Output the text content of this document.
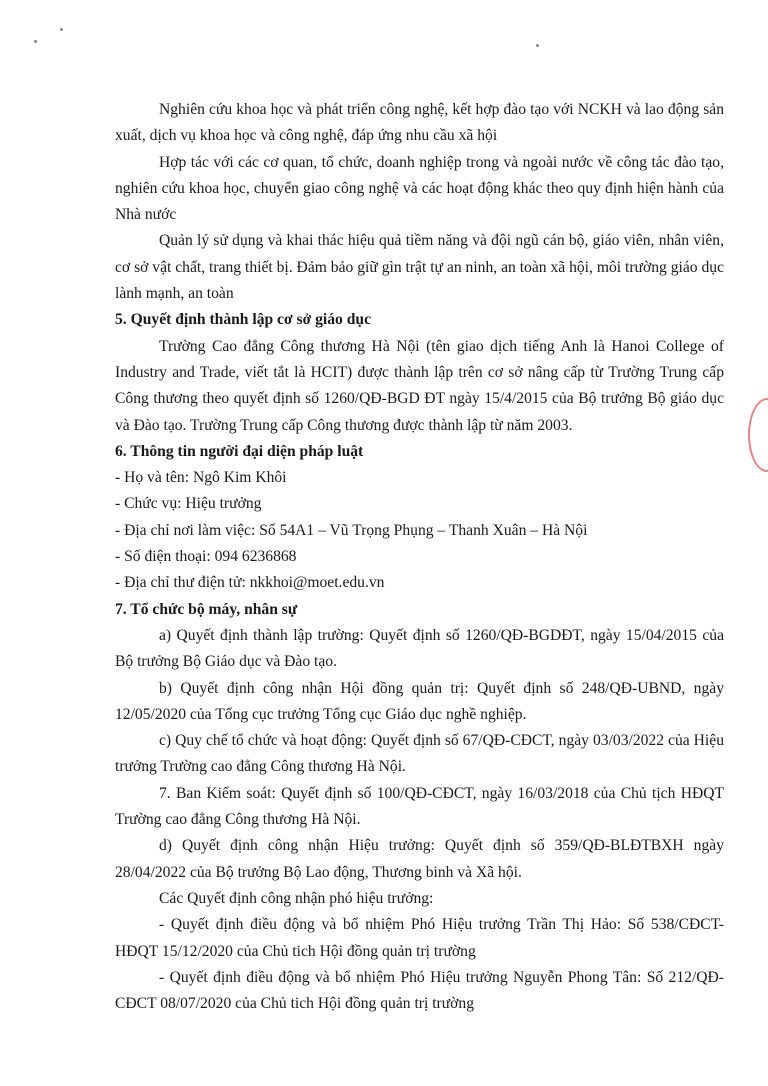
Nghiên cứu khoa học và phát triển công nghệ, kết hợp đào tạo với NCKH và lao động sản xuất, dịch vụ khoa học và công nghệ, đáp ứng nhu cầu xã hội

Hợp tác với các cơ quan, tổ chức, doanh nghiệp trong và ngoài nước về công tác đào tạo, nghiên cứu khoa học, chuyển giao công nghệ và các hoạt động khác theo quy định hiện hành của Nhà nước

Quản lý sử dụng và khai thác hiệu quả tiềm năng và đội ngũ cán bộ, giáo viên, nhân viên, cơ sở vật chất, trang thiết bị. Đảm bảo giữ gìn trật tự an ninh, an toàn xã hội, môi trường giáo dục lành mạnh, an toàn

5. Quyết định thành lập cơ sở giáo dục

Trường Cao đẳng Công thương Hà Nội (tên giao dịch tiếng Anh là Hanoi College of Industry and Trade, viết tắt là HCIT) được thành lập trên cơ sở nâng cấp từ Trường Trung cấp Công thương theo quyết định số 1260/QĐ-BGD ĐT ngày 15/4/2015 của Bộ trưởng Bộ giáo dục và Đào tạo. Trường Trung cấp Công thương được thành lập từ năm 2003.

6. Thông tin người đại diện pháp luật

- Họ và tên: Ngô Kim Khôi

- Chức vụ: Hiệu trưởng

- Địa chỉ nơi làm việc: Số 54A1 – Vũ Trọng Phụng – Thanh Xuân – Hà Nội

- Số điện thoại: 094 6236868

- Địa chỉ thư điện tử: nkkhoi@moet.edu.vn

7. Tổ chức bộ máy, nhân sự

a) Quyết định thành lập trường: Quyết định số 1260/QĐ-BGDĐT, ngày 15/04/2015 của Bộ trưởng Bộ Giáo dục và Đào tạo.

b) Quyết định công nhận Hội đồng quản trị: Quyết định số 248/QĐ-UBND, ngày 12/05/2020 của Tổng cục trưởng Tổng cục Giáo dục nghề nghiệp.

c) Quy chế tổ chức và hoạt động: Quyết định số 67/QĐ-CĐCT, ngày 03/03/2022 của Hiệu trưởng Trường cao đẳng Công thương Hà Nội.

7. Ban Kiểm soát: Quyết định số 100/QĐ-CĐCT, ngày 16/03/2018 của Chủ tịch HĐQT Trường cao đẳng Công thương Hà Nội.

d) Quyết định công nhận Hiệu trưởng: Quyết định số 359/QĐ-BLĐTBXH ngày 28/04/2022 của Bộ trưởng Bộ Lao động, Thương binh và Xã hội.

Các Quyết định công nhận phó hiệu trưởng:

- Quyết định điều động và bổ nhiệm Phó Hiệu trưởng Trần Thị Hảo: Số 538/CĐCT-HĐQT 15/12/2020 của Chủ tich Hội đồng quản trị trường

- Quyết định điều động và bổ nhiệm Phó Hiệu trưởng Nguyễn Phong Tân: Số 212/QĐ-CĐCT 08/07/2020 của Chủ tich Hội đồng quản trị trường
